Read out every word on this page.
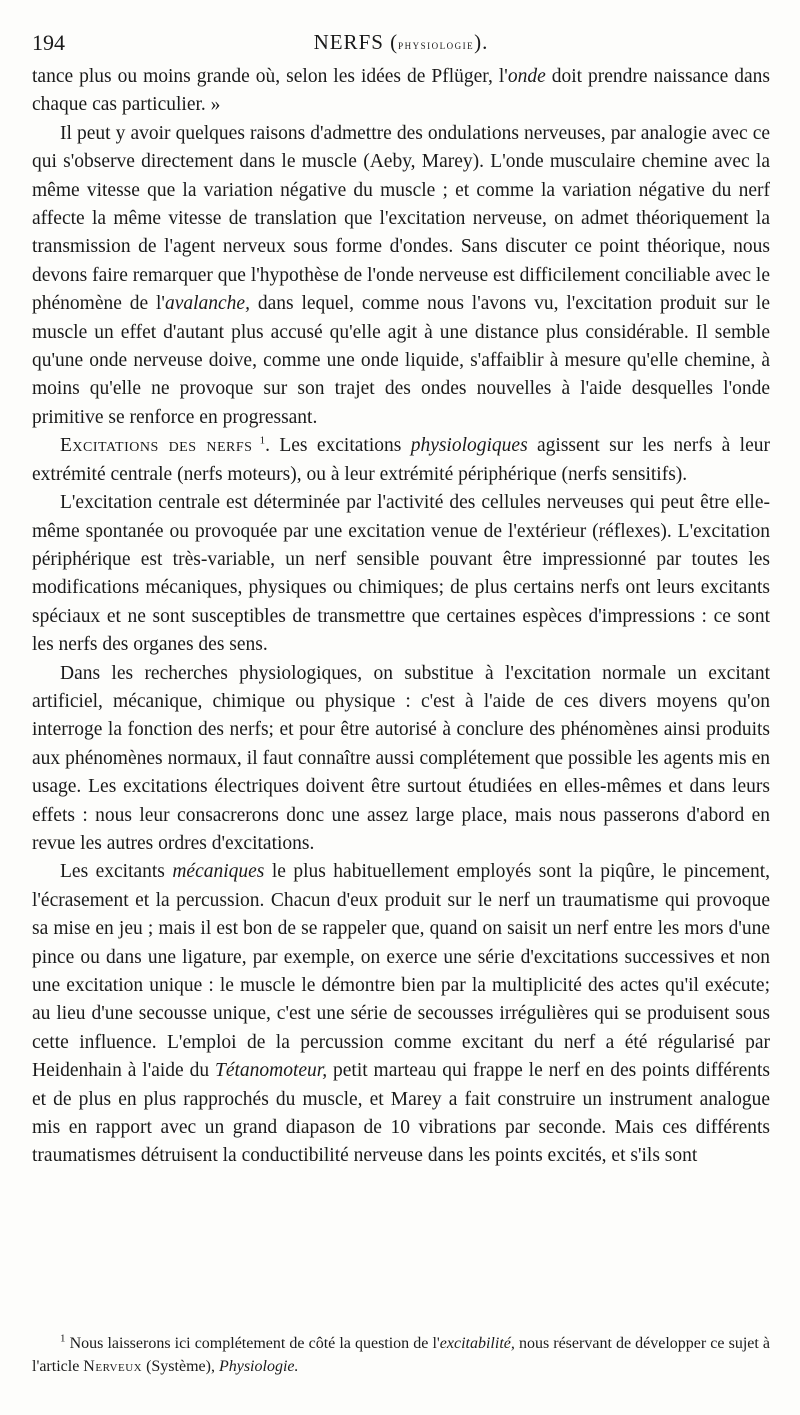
194	NERFS (physiologie).

tance plus ou moins grande où, selon les idées de Pflüger, l'onde doit prendre naissance dans chaque cas particulier. »

Il peut y avoir quelques raisons d'admettre des ondulations nerveuses, par analogie avec ce qui s'observe directement dans le muscle (Aeby, Marey). L'onde musculaire chemine avec la même vitesse que la variation négative du muscle ; et comme la variation négative du nerf affecte la même vitesse de translation que l'excitation nerveuse, on admet théoriquement la transmission de l'agent nerveux sous forme d'ondes. Sans discuter ce point théorique, nous devons faire remarquer que l'hypothèse de l'onde nerveuse est difficilement conciliable avec le phénomène de l'avalanche, dans lequel, comme nous l'avons vu, l'excitation produit sur le muscle un effet d'autant plus accusé qu'elle agit à une distance plus considérable. Il semble qu'une onde nerveuse doive, comme une onde liquide, s'affaiblir à mesure qu'elle chemine, à moins qu'elle ne provoque sur son trajet des ondes nouvelles à l'aide desquelles l'onde primitive se renforce en progressant.

Excitations des nerfs $^1$. Les excitations physiologiques agissent sur les nerfs à leur extrémité centrale (nerfs moteurs), ou à leur extrémité périphérique (nerfs sensitifs).

L'excitation centrale est déterminée par l'activité des cellules nerveuses qui peut être elle-même spontanée ou provoquée par une excitation venue de l'extérieur (réflexes). L'excitation périphérique est très-variable, un nerf sensible pouvant être impressionné par toutes les modifications mécaniques, physiques ou chimiques; de plus certains nerfs ont leurs excitants spéciaux et ne sont susceptibles de transmettre que certaines espèces d'impressions : ce sont les nerfs des organes des sens.

Dans les recherches physiologiques, on substitue à l'excitation normale un excitant artificiel, mécanique, chimique ou physique : c'est à l'aide de ces divers moyens qu'on interroge la fonction des nerfs; et pour être autorisé à conclure des phénomènes ainsi produits aux phénomènes normaux, il faut connaître aussi complétement que possible les agents mis en usage. Les excitations électriques doivent être surtout étudiées en elles-mêmes et dans leurs effets : nous leur consacrerons donc une assez large place, mais nous passerons d'abord en revue les autres ordres d'excitations.

Les excitants mécaniques le plus habituellement employés sont la piqûre, le pincement, l'écrasement et la percussion. Chacun d'eux produit sur le nerf un traumatisme qui provoque sa mise en jeu ; mais il est bon de se rappeler que, quand on saisit un nerf entre les mors d'une pince ou dans une ligature, par exemple, on exerce une série d'excitations successives et non une excitation unique : le muscle le démontre bien par la multiplicité des actes qu'il exécute; au lieu d'une secousse unique, c'est une série de secousses irrégulières qui se produisent sous cette influence. L'emploi de la percussion comme excitant du nerf a été régularisé par Heidenhain à l'aide du Tétanomoteur, petit marteau qui frappe le nerf en des points différents et de plus en plus rapprochés du muscle, et Marey a fait construire un instrument analogue mis en rapport avec un grand diapason de 10 vibrations par seconde. Mais ces différents traumatismes détruisent la conductibilité nerveuse dans les points excités, et s'ils sont

$^1$ Nous laisserons ici complétement de côté la question de l'excitabilité, nous réservant de développer ce sujet à l'article Nerveux (Système), Physiologie.
